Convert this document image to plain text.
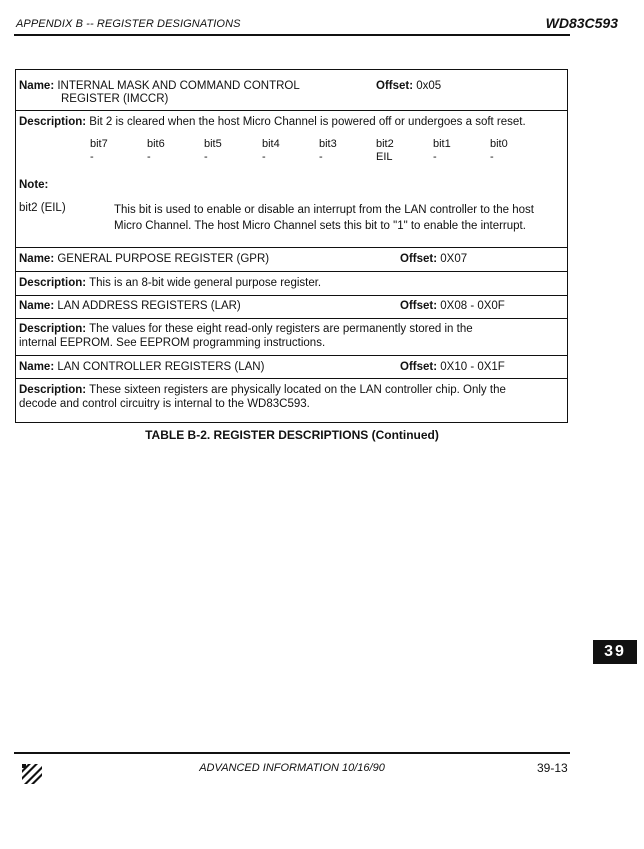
APPENDIX B -- REGISTER DESIGNATIONS	WD83C593
Name: INTERNAL MASK AND COMMAND CONTROL
REGISTER (IMCCR)
Offset: 0x05
Description: Bit 2 is cleared when the host Micro Channel is powered off or undergoes a soft reset.
bit7	bit6	bit5	bit4	bit3	bit2	bit1	bit0
-	-	-	-	-	EIL	-	-
Note:
bit2 (EIL)	This bit is used to enable or disable an interrupt from the LAN controller to the host Micro Channel. The host Micro Channel sets this bit to "1" to enable the interrupt.
Name: GENERAL PURPOSE REGISTER (GPR)	Offset: 0X07
Description: This is an 8-bit wide general purpose register.
Name: LAN ADDRESS REGISTERS (LAR)	Offset: 0X08 - 0X0F
Description: The values for these eight read-only registers are permanently stored in the
internal EEPROM. See EEPROM programming instructions.
Name: LAN CONTROLLER REGISTERS (LAN)	Offset: 0X10 - 0X1F
Description: These sixteen registers are physically located on the LAN controller chip. Only the
decode and control circuitry is internal to the WD83C593.
TABLE B-2. REGISTER DESCRIPTIONS (Continued)
39
ADVANCED INFORMATION 10/16/90	39-13
